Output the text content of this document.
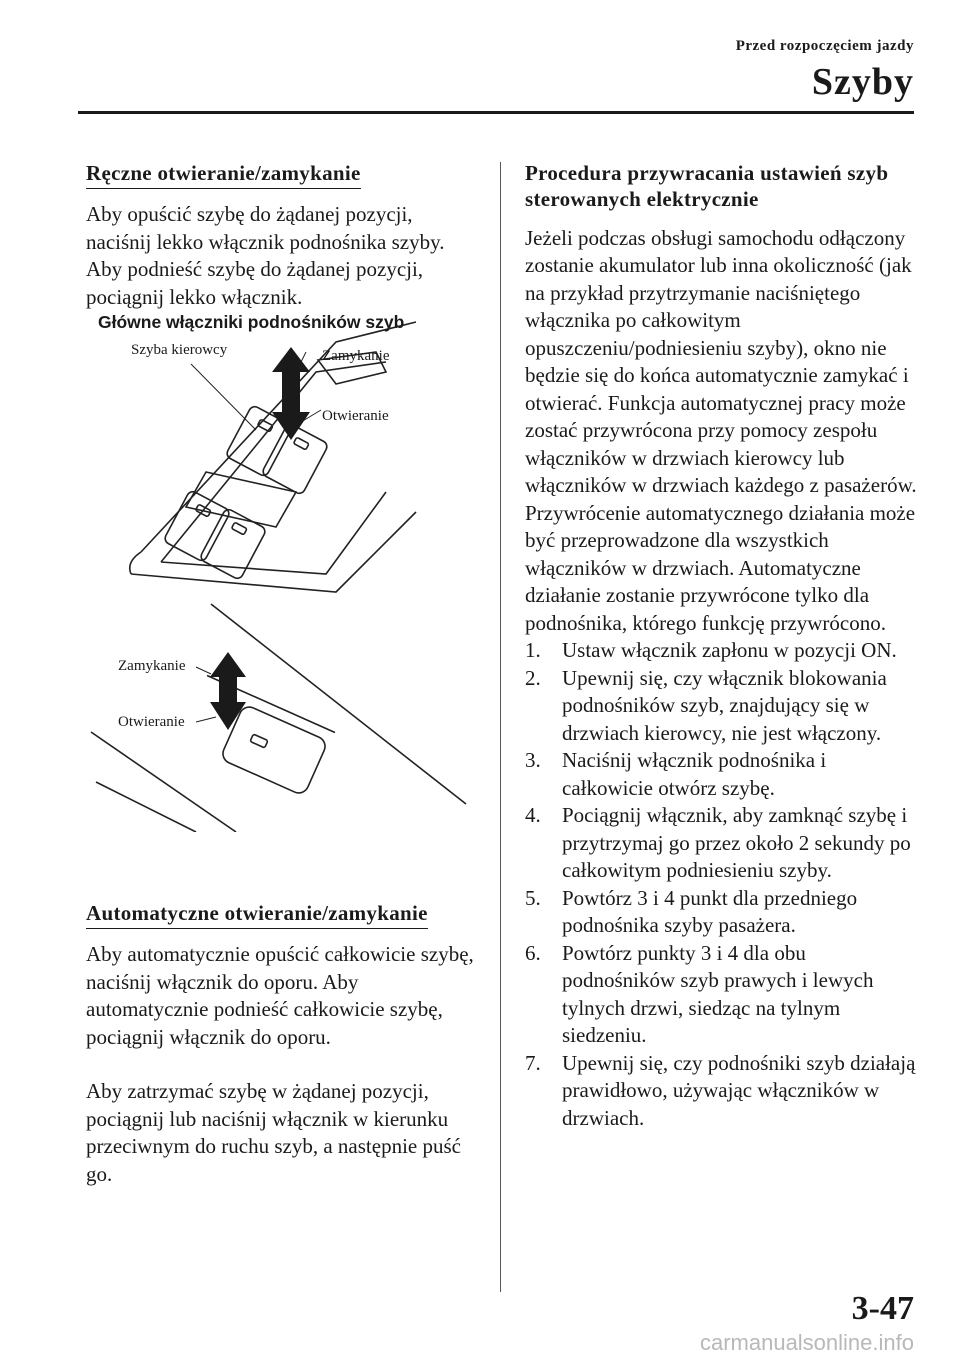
Przed rozpoczęciem jazdy
Szyby
Ręczne otwieranie/zamykanie

Aby opuścić szybę do żądanej pozycji, naciśnij lekko włącznik podnośnika szyby. Aby podnieść szybę do żądanej pozycji, pociągnij lekko włącznik.

Główne włączniki podnośników szyb
Szyba kierowcy	Zamykanie
Otwieranie
Zamykanie
Otwieranie
Automatyczne otwieranie/zamykanie

Aby automatycznie opuścić całkowicie szybę, naciśnij włącznik do oporu. Aby automatycznie podnieść całkowicie szybę, pociągnij włącznik do oporu.

Aby zatrzymać szybę w żądanej pozycji, pociągnij lub naciśnij włącznik w kierunku przeciwnym do ruchu szyb, a następnie puść go.

Procedura przywracania ustawień szyb sterowanych elektrycznie

Jeżeli podczas obsługi samochodu odłączony zostanie akumulator lub inna okoliczność (jak na przykład przytrzymanie naciśniętego włącznika po całkowitym opuszczeniu/podniesieniu szyby), okno nie będzie się do końca automatycznie zamykać i otwierać. Funkcja automatycznej pracy może zostać przywrócona przy pomocy zespołu włączników w drzwiach kierowcy lub włączników w drzwiach każdego z pasażerów.

Przywrócenie automatycznego działania może być przeprowadzone dla wszystkich włączników w drzwiach. Automatyczne działanie zostanie przywrócone tylko dla podnośnika, którego funkcję przywrócono.

1.	Ustaw włącznik zapłonu w pozycji ON.
2.	Upewnij się, czy włącznik blokowania podnośników szyb, znajdujący się w drzwiach kierowcy, nie jest włączony.
3.	Naciśnij włącznik podnośnika i całkowicie otwórz szybę.
4.	Pociągnij włącznik, aby zamknąć szybę i przytrzymaj go przez około 2 sekundy po całkowitym podniesieniu szyby.
5.	Powtórz 3 i 4 punkt dla przedniego podnośnika szyby pasażera.
6.	Powtórz punkty 3 i 4 dla obu podnośników szyb prawych i lewych tylnych drzwi, siedząc na tylnym siedzeniu.
7.	Upewnij się, czy podnośniki szyb działają prawidłowo, używając włączników w drzwiach.
3-47
carmanualsonline.info
